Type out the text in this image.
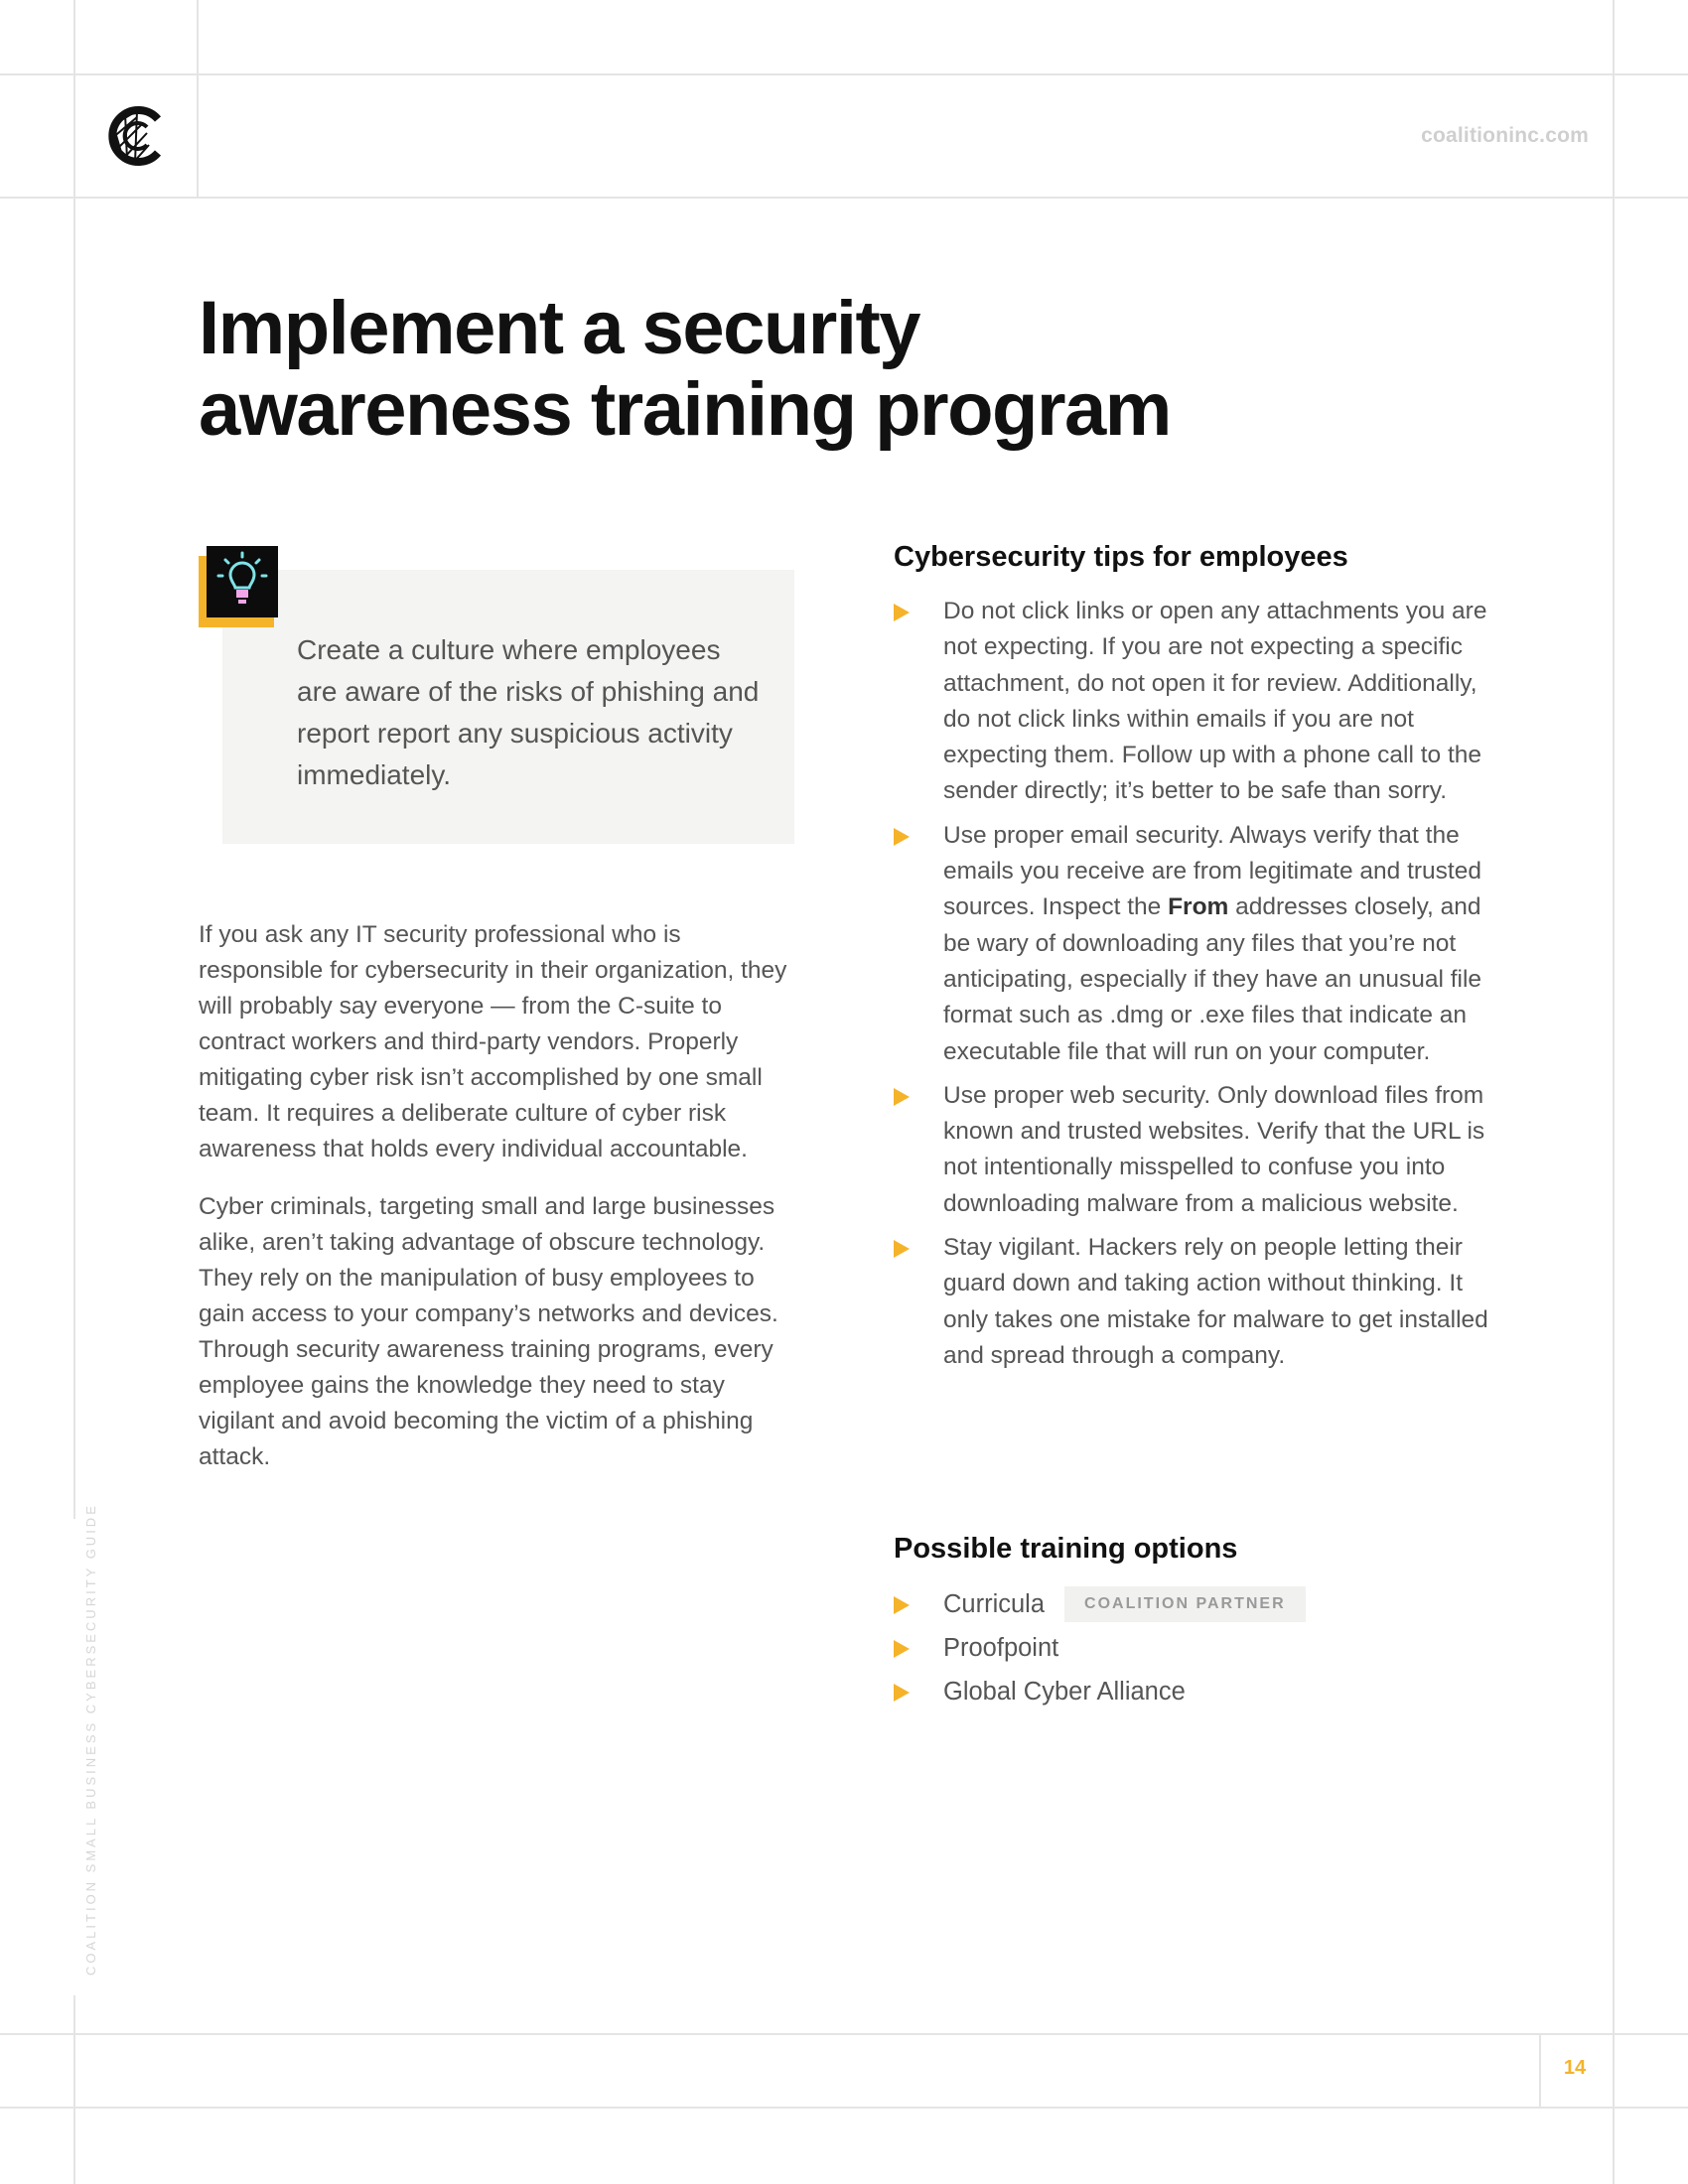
coalitioninc.com
Implement a security awareness training program

Create a culture where employees are aware of the risks of phishing and report report any suspicious activity immediately.

If you ask any IT security professional who is responsible for cybersecurity in their organization, they will probably say everyone — from the C-suite to contract workers and third-party vendors. Properly mitigating cyber risk isn’t accomplished by one small team. It requires a deliberate culture of cyber risk awareness that holds every individual accountable.

Cyber criminals, targeting small and large businesses alike, aren’t taking advantage of obscure technology. They rely on the manipulation of busy employees to gain access to your company’s networks and devices. Through security awareness training programs, every employee gains the knowledge they need to stay vigilant and avoid becoming the victim of a phishing attack.

Cybersecurity tips for employees
Do not click links or open any attachments you are not expecting. If you are not expecting a specific attachment, do not open it for review. Additionally, do not click links within emails if you are not expecting them. Follow up with a phone call to the sender directly; it’s better to be safe than sorry.
Use proper email security. Always verify that the emails you receive are from legitimate and trusted sources. Inspect the From addresses closely, and be wary of downloading any files that you’re not anticipating, especially if they have an unusual file format such as .dmg or .exe files that indicate an executable file that will run on your computer.
Use proper web security. Only download files from known and trusted websites. Verify that the URL is not intentionally misspelled to confuse you into downloading malware from a malicious website.
Stay vigilant. Hackers rely on people letting their guard down and taking action without thinking. It only takes one mistake for malware to get installed and spread through a company.
Possible training options
Curricula	COALITION PARTNER
Proofpoint
Global Cyber Alliance
COALITION SMALL BUSINESS CYBERSECURITY GUIDE
14
